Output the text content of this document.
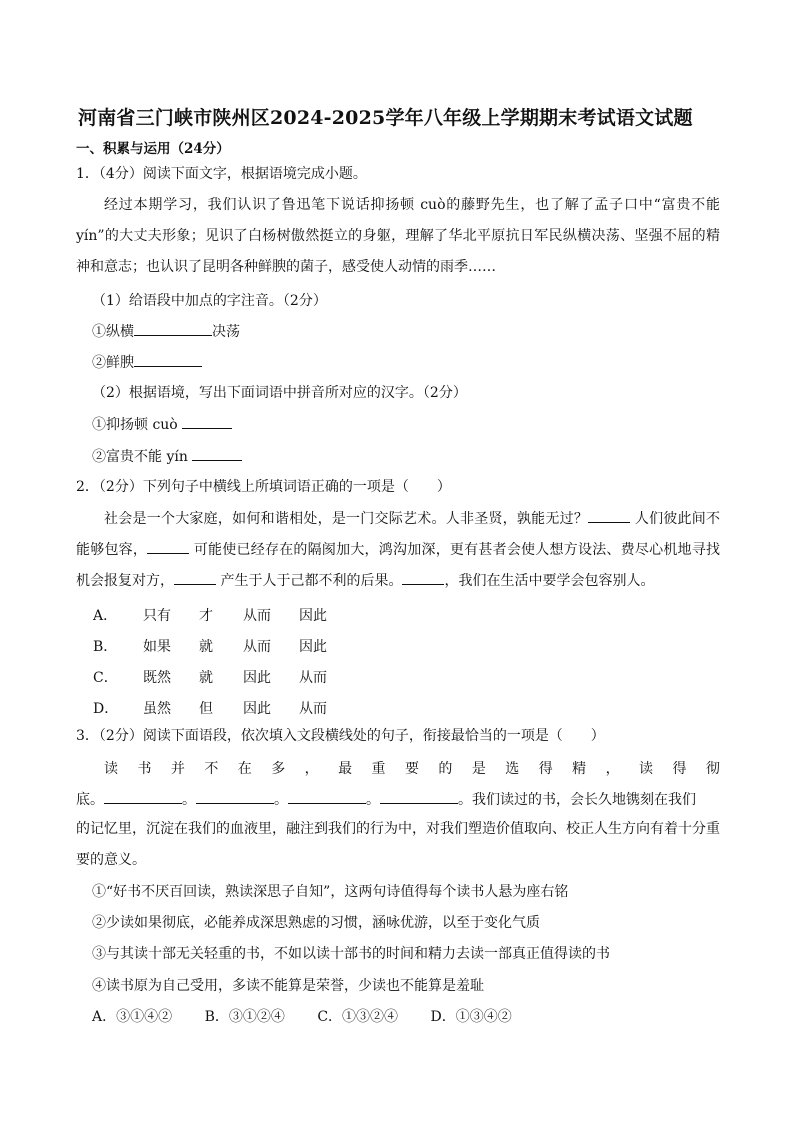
河南省三门峡市陕州区2024-2025学年八年级上学期期末考试语文试题
一、积累与运用（24分）
1．（4分）阅读下面文字，根据语境完成小题。
经过本期学习，我们认识了鲁迅笔下说话抑扬顿 cuò的藤野先生，也了解了孟子口中“富贵不能 yín”的大丈夫形象；见识了白杨树傲然挺立的身躯，理解了华北平原抗日军民纵横决荡、坚强不屈的精神和意志；也认识了昆明各种鲜腴的菌子，感受使人动情的雨季……
（1）给语段中加点的字注音。（2分）
①纵横	决荡
②鲜腴
（2）根据语境，写出下面词语中拼音所对应的汉字。（2分）
①抑扬顿 cuò
②富贵不能 yín
2．（2分）下列句子中横线上所填词语正确的一项是（　　）
社会是一个大家庭，如何和谐相处，是一门交际艺术。人非圣贤，孰能无过？	人们彼此间不能够包容，	可能使已经存在的隔阂加大，鸿沟加深，更有甚者会使人想方设法、费尽心机地寻找机会报复对方，	产生于人于己都不利的后果。	，我们在生活中要学会包容别人。
A． 只有 才 从而 因此
B． 如果 就 从而 因此
C． 既然 就 因此 从而
D． 虽然 但 因此 从而
3．（2分）阅读下面语段，依次填入文段横线处的句子，衔接最恰当的一项是（　　）
读 书 并 不 在 多 ， 最 重 要 的 是 选 得 精 ， 读 得 彻
底。	。	。	。	。我们读过的书，会长久地镌刻在我们
的记忆里，沉淀在我们的血液里，融注到我们的行为中，对我们塑造价值取向、校正人生方向有着十分重要的意义。
①“好书不厌百回读，熟读深思子自知”，这两句诗值得每个读书人悬为座右铭
②少读如果彻底，必能养成深思熟虑的习惯，涵咏优游，以至于变化气质
③与其读十部无关轻重的书，不如以读十部书的时间和精力去读一部真正值得读的书
④读书原为自己受用，多读不能算是荣誉，少读也不能算是羞耻
A．③①④② B．③①②④ C．①③②④ D．①③④②
